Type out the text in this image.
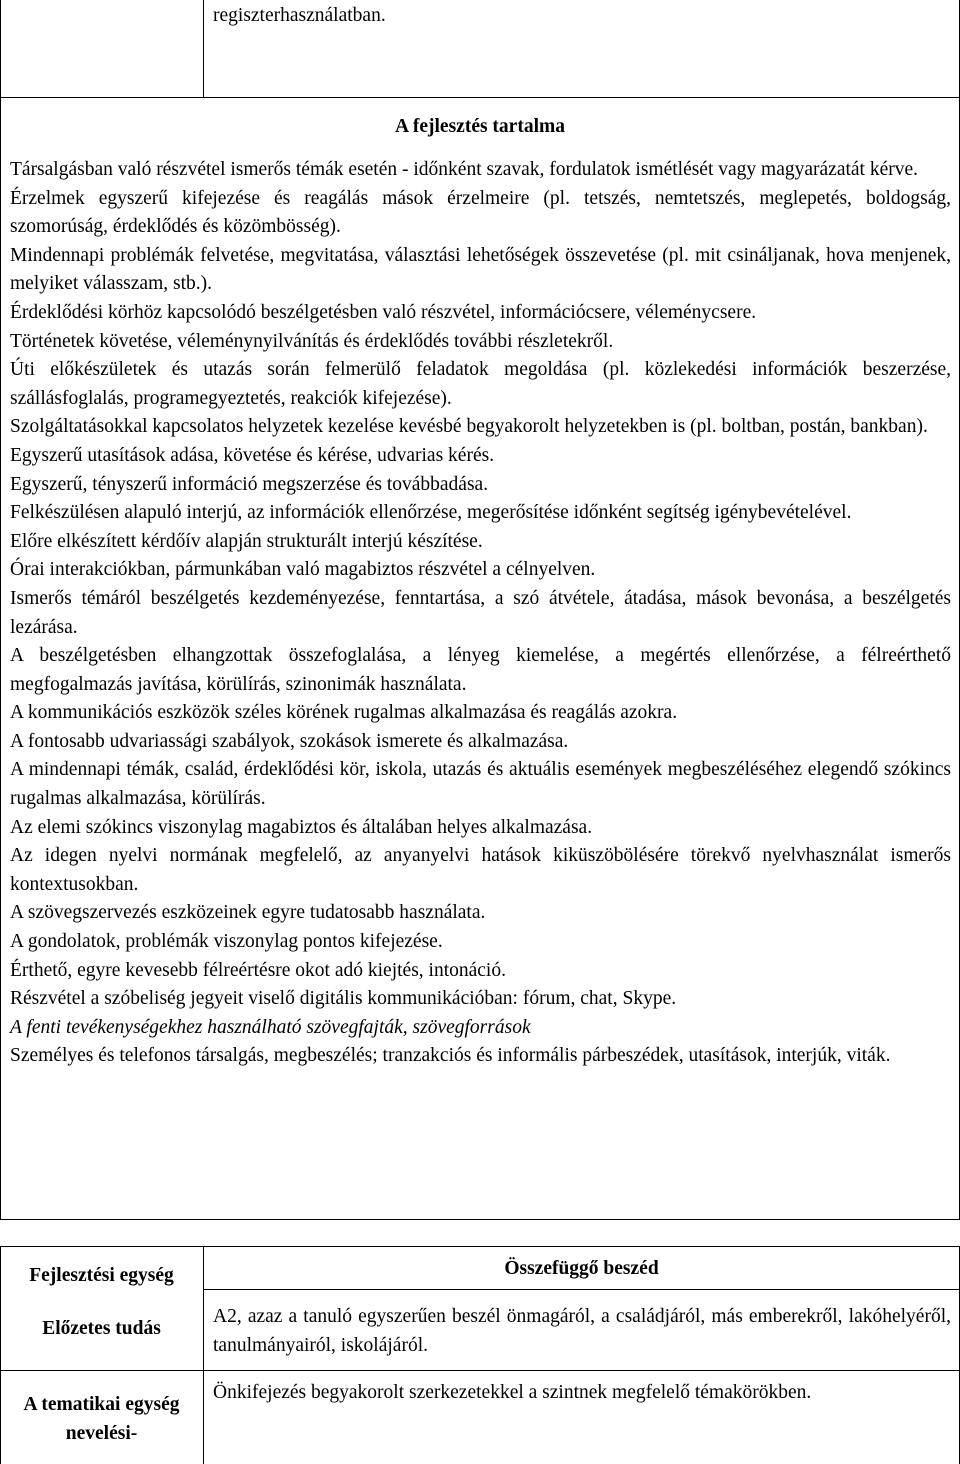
regiszterhasználatban.
A fejlesztés tartalma

Társalgásban való részvétel ismerős témák esetén - időnként szavak, fordulatok ismétlését vagy magyarázatát kérve.

Érzelmek egyszerű kifejezése és reagálás mások érzelmeire (pl. tetszés, nemtetszés, meglepetés, boldogság, szomorúság, érdeklődés és közömbösség).

Mindennapi problémák felvetése, megvitatása, választási lehetőségek összevetése (pl. mit csináljanak, hova menjenek, melyiket válasszam, stb.).

Érdeklődési körhöz kapcsolódó beszélgetésben való részvétel, információcsere, véleménycsere.

Történetek követése, véleménynyilvánítás és érdeklődés további részletekről.

Úti előkészületek és utazás során felmerülő feladatok megoldása (pl. közlekedési információk beszerzése, szállásfoglalás, programegyeztetés, reakciók kifejezése).

Szolgáltatásokkal kapcsolatos helyzetek kezelése kevésbé begyakorolt helyzetekben is (pl. boltban, postán, bankban).

Egyszerű utasítások adása, követése és kérése, udvarias kérés.

Egyszerű, tényszerű információ megszerzése és továbbadása.

Felkészülésen alapuló interjú, az információk ellenőrzése, megerősítése időnként segítség igénybevételével.

Előre elkészített kérdőív alapján strukturált interjú készítése.

Órai interakciókban, pármunkában való magabiztos részvétel a célnyelven.

Ismerős témáról beszélgetés kezdeményezése, fenntartása, a szó átvétele, átadása, mások bevonása, a beszélgetés lezárása.

A beszélgetésben elhangzottak összefoglalása, a lényeg kiemelése, a megértés ellenőrzése, a félreérthető megfogalmazás javítása, körülírás, szinonimák használata.

A kommunikációs eszközök széles körének rugalmas alkalmazása és reagálás azokra.

A fontosabb udvariassági szabályok, szokások ismerete és alkalmazása.

A mindennapi témák, család, érdeklődési kör, iskola, utazás és aktuális események megbeszéléséhez elegendő szókincs rugalmas alkalmazása, körülírás.

Az elemi szókincs viszonylag magabiztos és általában helyes alkalmazása.

Az idegen nyelvi normának megfelelő, az anyanyelvi hatások kiküszöbölésére törekvő nyelvhasználat ismerős kontextusokban.

A szövegszervezés eszközeinek egyre tudatosabb használata.

A gondolatok, problémák viszonylag pontos kifejezése.

Érthető, egyre kevesebb félreértésre okot adó kiejtés, intonáció.

Részvétel a szóbeliség jegyeit viselő digitális kommunikációban: fórum, chat, Skype.

A fenti tevékenységekhez használható szövegfajták, szövegforrások

Személyes és telefonos társalgás, megbeszélés; tranzakciós és informális párbeszédek, utasítások, interjúk, viták.

Fejlesztési egység	Összefüggő beszéd
Előzetes tudás
A2, azaz a tanuló egyszerűen beszél önmagáról, a családjáról, más emberekről, lakóhelyéről, tanulmányairól, iskolájáról.
A tematikai egység nevelési-
Önkifejezés begyakorolt szerkezetekkel a szintnek megfelelő témakörökben.
